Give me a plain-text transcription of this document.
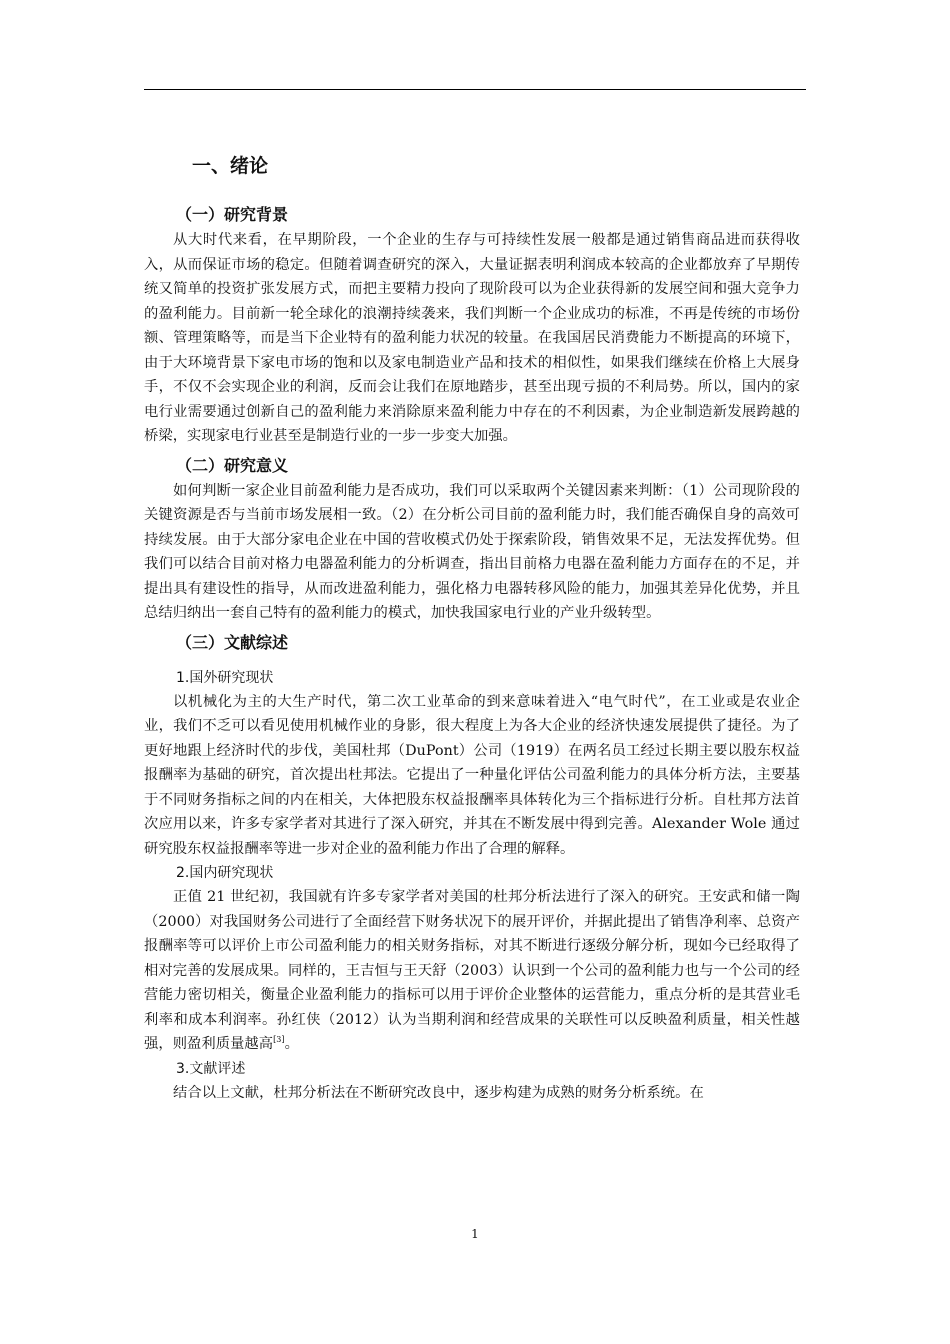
一、绪论
（一）研究背景

从大时代来看，在早期阶段，一个企业的生存与可持续性发展一般都是通过销售商品进而获得收入，从而保证市场的稳定。但随着调查研究的深入，大量证据表明利润成本较高的企业都放弃了早期传统又简单的投资扩张发展方式，而把主要精力投向了现阶段可以为企业获得新的发展空间和强大竞争力的盈利能力。目前新一轮全球化的浪潮持续袭来，我们判断一个企业成功的标准，不再是传统的市场份额、管理策略等，而是当下企业特有的盈利能力状况的较量。在我国居民消费能力不断提高的环境下，由于大环境背景下家电市场的饱和以及家电制造业产品和技术的相似性，如果我们继续在价格上大展身手，不仅不会实现企业的利润，反而会让我们在原地踏步，甚至出现亏损的不利局势。所以，国内的家电行业需要通过创新自己的盈利能力来消除原来盈利能力中存在的不利因素，为企业制造新发展跨越的桥梁，实现家电行业甚至是制造行业的一步一步变大加强。

（二）研究意义

如何判断一家企业目前盈利能力是否成功，我们可以采取两个关键因素来判断：（1）公司现阶段的关键资源是否与当前市场发展相一致。（2）在分析公司目前的盈利能力时，我们能否确保自身的高效可持续发展。由于大部分家电企业在中国的营收模式仍处于探索阶段，销售效果不足，无法发挥优势。但我们可以结合目前对格力电器盈利能力的分析调查，指出目前格力电器在盈利能力方面存在的不足，并提出具有建设性的指导，从而改进盈利能力，强化格力电器转移风险的能力，加强其差异化优势，并且总结归纳出一套自己特有的盈利能力的模式，加快我国家电行业的产业升级转型。

（三）文献综述
1.国外研究现状

以机械化为主的大生产时代，第二次工业革命的到来意味着进入“电气时代”，在工业或是农业企业，我们不乏可以看见使用机械作业的身影，很大程度上为各大企业的经济快速发展提供了捷径。为了更好地跟上经济时代的步伐，美国杜邦（DuPont）公司（1919）在两名员工经过长期主要以股东权益报酬率为基础的研究，首次提出杜邦法。它提出了一种量化评估公司盈利能力的具体分析方法，主要基于不同财务指标之间的内在相关，大体把股东权益报酬率具体转化为三个指标进行分析。自杜邦方法首次应用以来，许多专家学者对其进行了深入研究，并其在不断发展中得到完善。Alexander Wole 通过研究股东权益报酬率等进一步对企业的盈利能力作出了合理的解释。

2.国内研究现状

正值 21 世纪初，我国就有许多专家学者对美国的杜邦分析法进行了深入的研究。王安武和储一陶（2000）对我国财务公司进行了全面经营下财务状况下的展开评价，并据此提出了销售净利率、总资产报酬率等可以评价上市公司盈利能力的相关财务指标，对其不断进行逐级分解分析，现如今已经取得了相对完善的发展成果。同样的，王吉恒与王天舒（2003）认识到一个公司的盈利能力也与一个公司的经营能力密切相关，衡量企业盈利能力的指标可以用于评价企业整体的运营能力，重点分析的是其营业毛利率和成本利润率。孙红侠（2012）认为当期利润和经营成果的关联性可以反映盈利质量，相关性越强，则盈利质量越高[3]。

3.文献评述

结合以上文献，杜邦分析法在不断研究改良中，逐步构建为成熟的财务分析系统。在

1
